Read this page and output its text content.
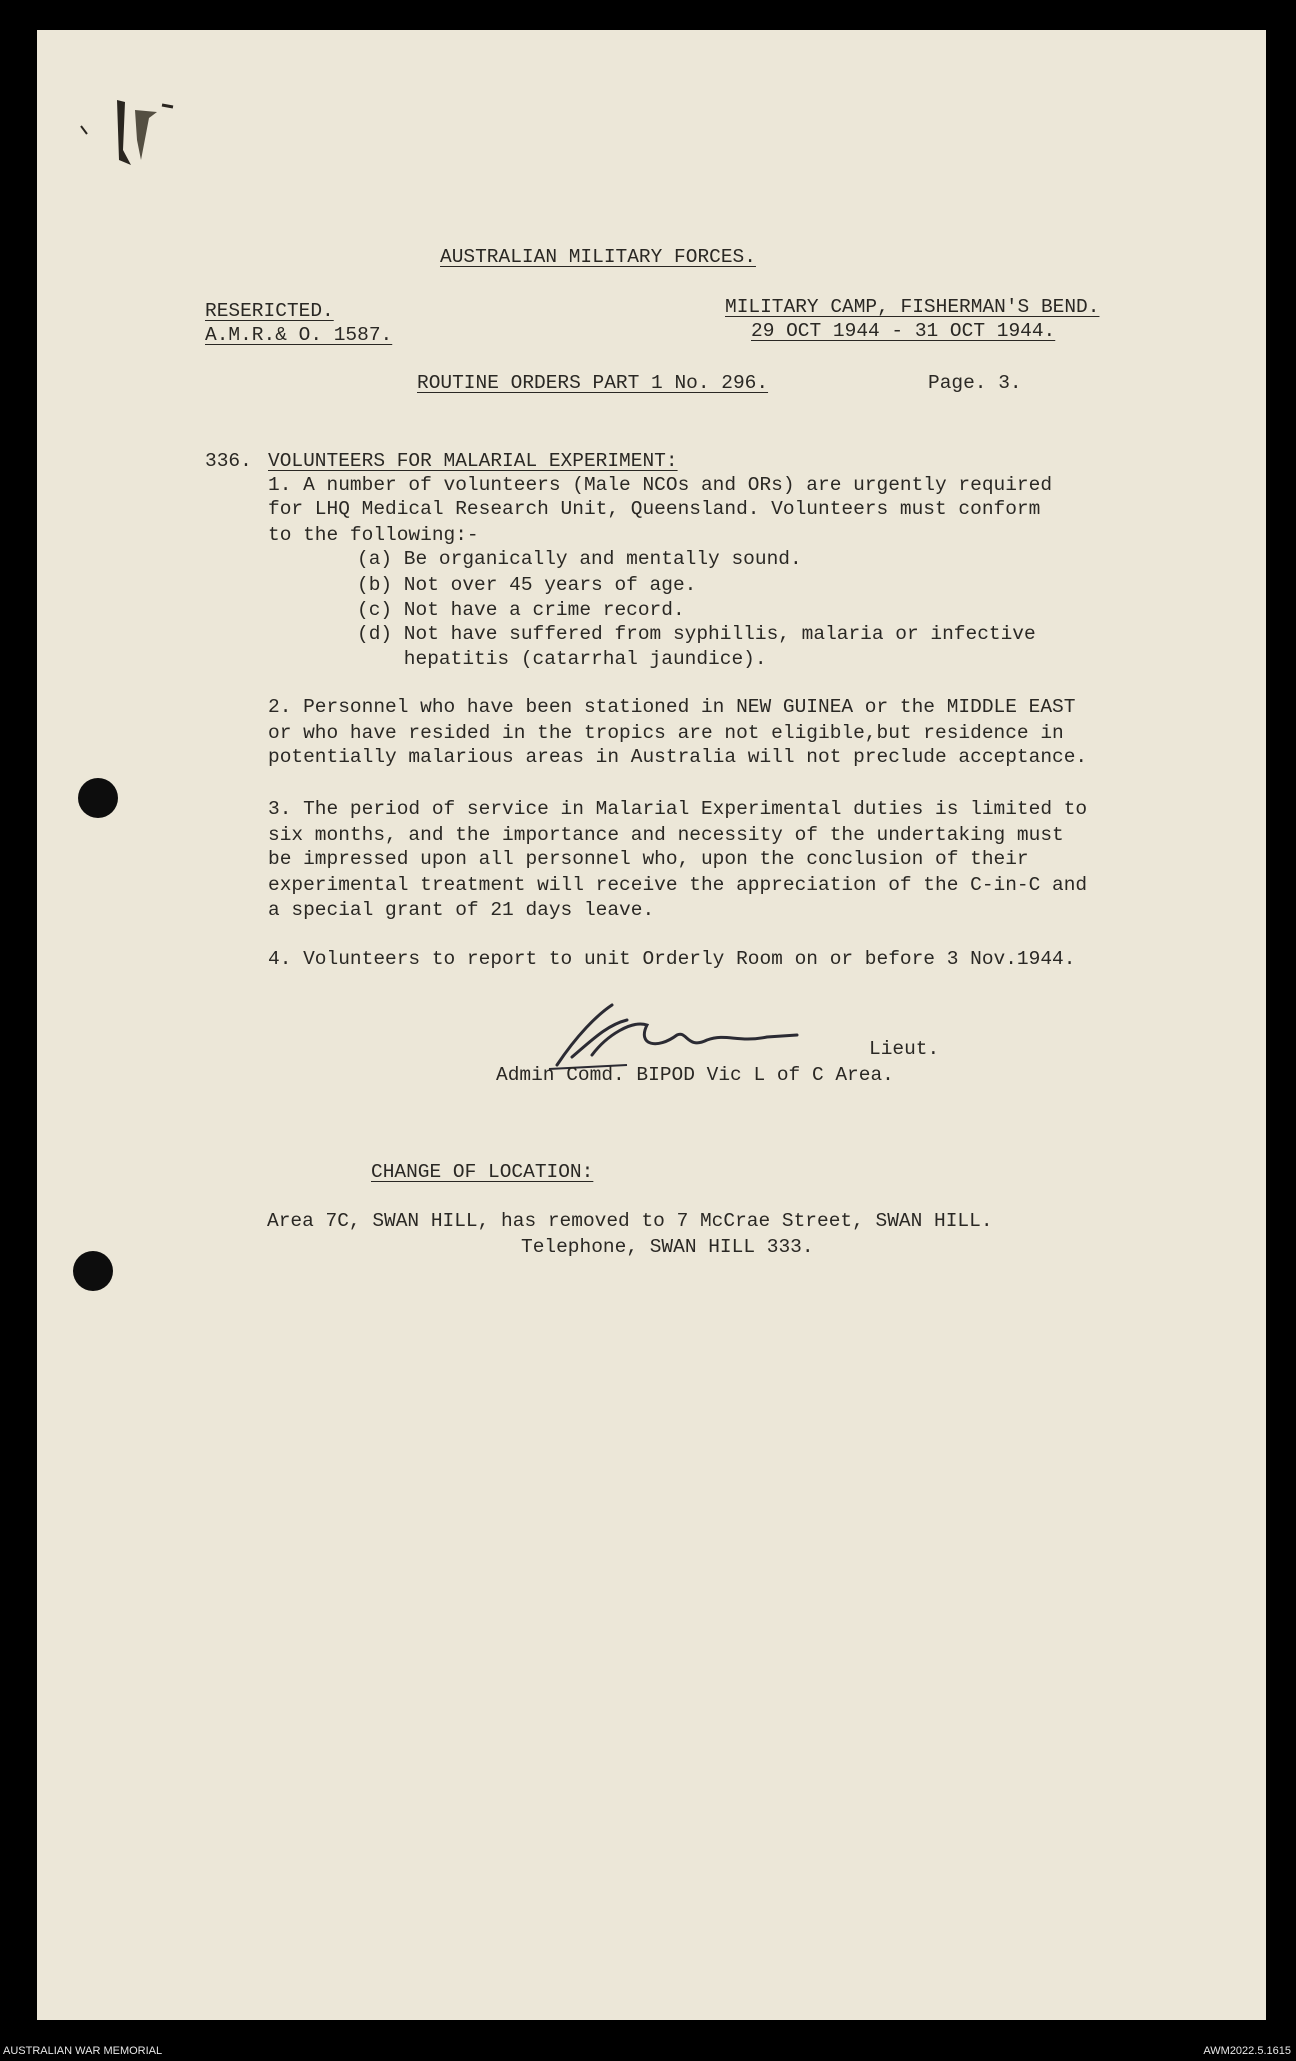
AUSTRALIAN MILITARY FORCES.
RESERICTED.
A.M.R.& O. 1587.
MILITARY CAMP, FISHERMAN'S BEND.
29 OCT 1944 - 31 OCT 1944.
ROUTINE ORDERS PART 1 No. 296.	Page. 3.
336. VOLUNTEERS FOR MALARIAL EXPERIMENT:
1. A number of volunteers (Male NCOs and ORs) are urgently required
for LHQ Medical Research Unit, Queensland. Volunteers must conform
to the following:-
(a) Be organically and mentally sound.
(b) Not over 45 years of age.
(c) Not have a crime record.
(d) Not have suffered from syphillis, malaria or infective
hepatitis (catarrhal jaundice).
2. Personnel who have been stationed in NEW GUINEA or the MIDDLE EAST
or who have resided in the tropics are not eligible,but residence in
potentially malarious areas in Australia will not preclude acceptance.
3. The period of service in Malarial Experimental duties is limited to
six months, and the importance and necessity of the undertaking must
be impressed upon all personnel who, upon the conclusion of their
experimental treatment will receive the appreciation of the C-in-C and
a special grant of 21 days leave.
4. Volunteers to report to unit Orderly Room on or before 3 Nov.1944.
Lieut.
Admin Comd. BIPOD Vic L of C Area.
CHANGE OF LOCATION:
Area 7C, SWAN HILL, has removed to 7 McCrae Street, SWAN HILL.
Telephone, SWAN HILL 333.
AUSTRALIAN WAR MEMORIAL	AWM2022.5.1615
